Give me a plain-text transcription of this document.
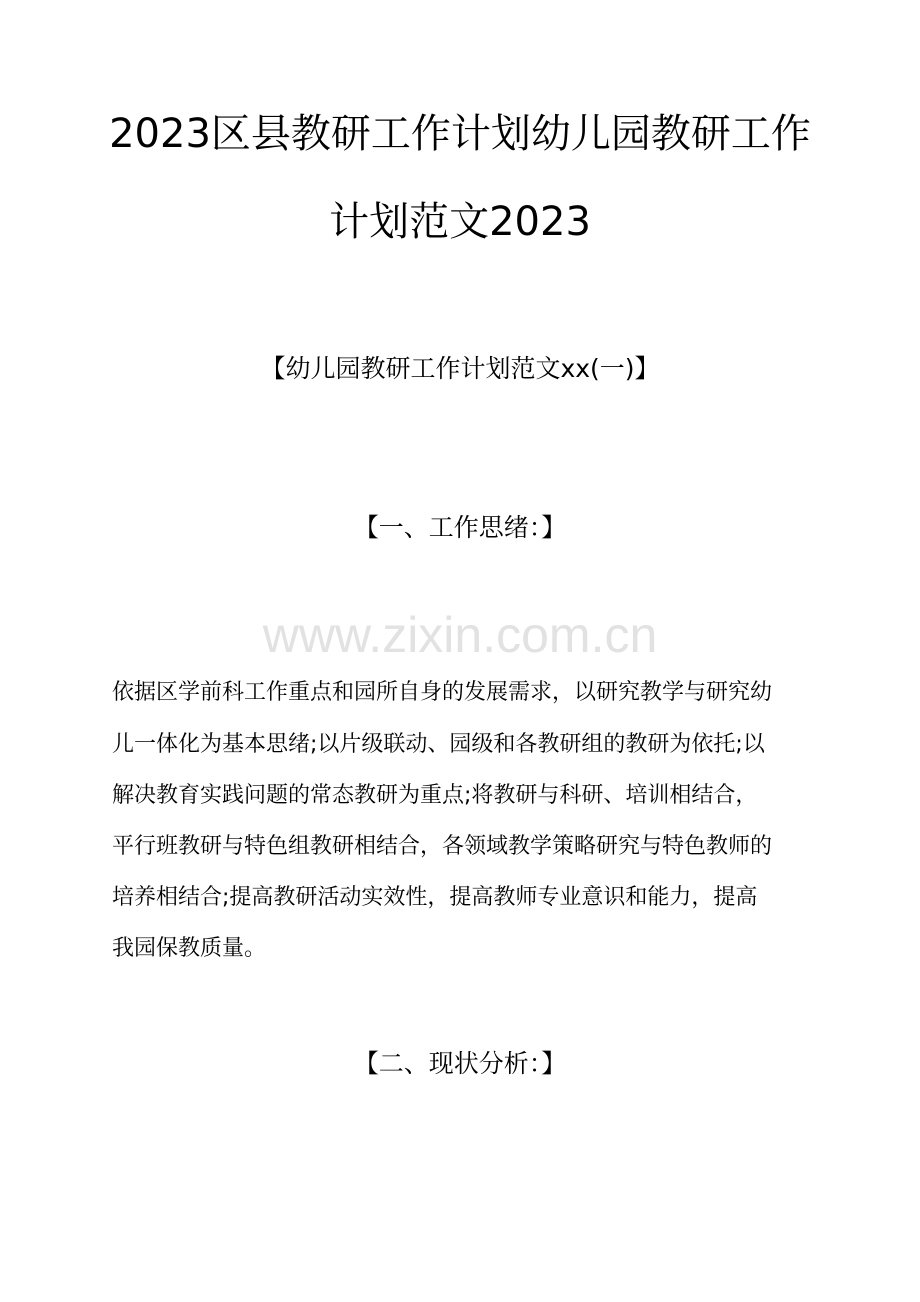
2023区县教研工作计划幼儿园教研工作
计划范文2023
【幼儿园教研工作计划范文xx(一)】
【一、工作思绪：】
www.zixin.com.cn
依据区学前科工作重点和园所自身的发展需求，以研究教学与研究幼
儿一体化为基本思绪;以片级联动、园级和各教研组的教研为依托;以
解决教育实践问题的常态教研为重点;将教研与科研、培训相结合，
平行班教研与特色组教研相结合，各领域教学策略研究与特色教师的
培养相结合;提高教研活动实效性，提高教师专业意识和能力，提高
我园保教质量。
【二、现状分析：】
